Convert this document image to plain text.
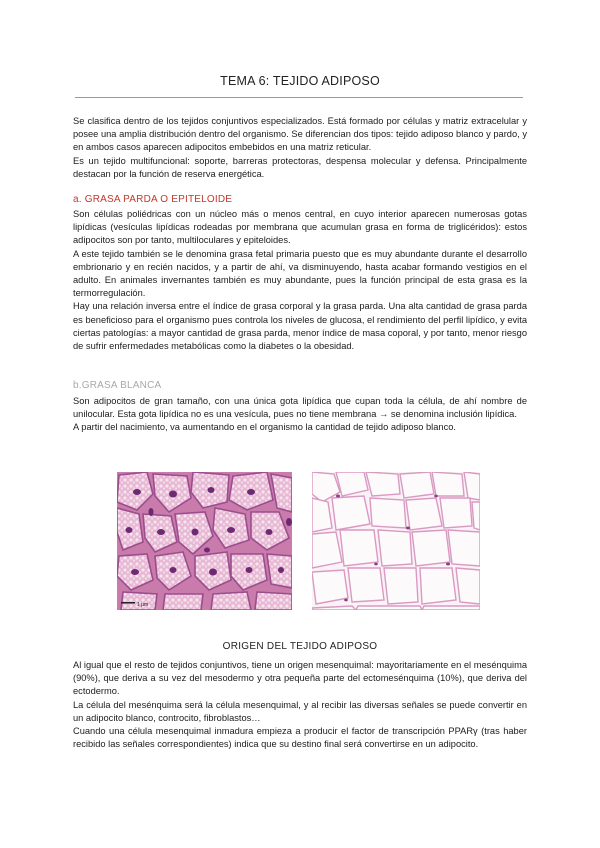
TEMA 6: TEJIDO ADIPOSO

Se clasifica dentro de los tejidos conjuntivos especializados. Está formado por células y matriz extracelular y posee una amplia distribución dentro del organismo. Se diferencian dos tipos: tejido adiposo blanco y pardo, y en ambos casos aparecen adipocitos embebidos en una matriz reticular.

Es un tejido multifuncional: soporte, barreras protectoras, despensa molecular y defensa. Principalmente destacan por la función de reserva energética.

a. GRASA PARDA O EPITELOIDE

Son células poliédricas con un núcleo más o menos central, en cuyo interior aparecen numerosas gotas lipídicas (vesículas lipídicas rodeadas por membrana que acumulan grasa en forma de triglicéridos): estos adipocitos son por tanto, multiloculares y epiteloides.

A este tejido también se le denomina grasa fetal primaria puesto que es muy abundante durante el desarrollo embrionario y en recién nacidos, y a partir de ahí, va disminuyendo, hasta acabar formando vestigios en el adulto. En animales invernantes también es muy abundante, pues la función principal de esta grasa es la termorregulación.

Hay una relación inversa entre el índice de grasa corporal y la grasa parda. Una alta cantidad de grasa parda es beneficioso para el organismo pues controla los niveles de glucosa, el rendimiento del perfil lipídico, y evita ciertas patologías: a mayor cantidad de grasa parda, menor índice de masa coporal, y por tanto, menor riesgo de sufrir enfermedades metabólicas como la diabetes o la obesidad.

b.GRASA BLANCA

Son adipocitos de gran tamaño, con una única gota lipídica que cupan toda la célula, de ahí nombre de unilocular. Esta gota lipídica no es una vesícula, pues no tiene membrana → se denomina inclusión lipídica.

A partir del nacimiento, va aumentando en el organismo la cantidad de tejido adiposo blanco.

1 µm
ORIGEN DEL TEJIDO ADIPOSO

Al igual que el resto de tejidos conjuntivos, tiene un origen mesenquimal: mayoritariamente en el mesénquima (90%), que deriva a su vez del mesodermo y otra pequeña parte del ectomesénquima (10%), que deriva del ectodermo.

La célula del mesénquima será la célula mesenquimal, y al recibir las diversas señales se puede convertir en un adipocito blanco, controcito, fibroblastos…

Cuando una célula mesenquimal inmadura empieza a producir el factor de transcripción PPARγ (tras haber recibido las señales correspondientes) indica que su destino final será convertirse en un adipocito.
